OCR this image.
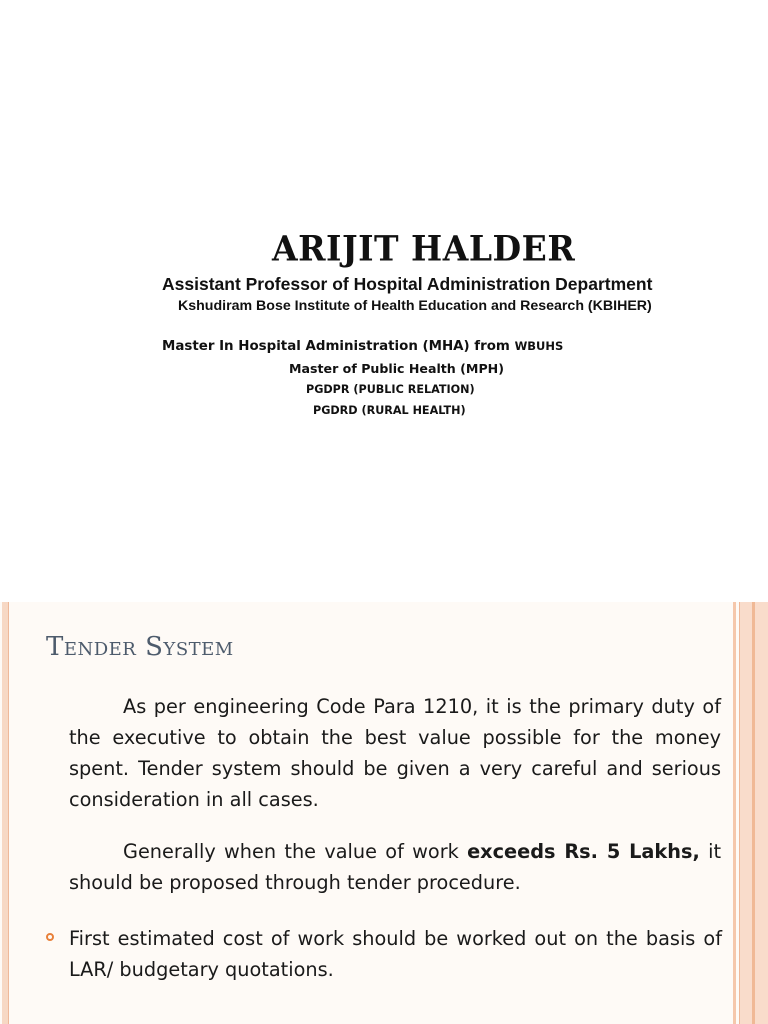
ARIJIT HALDER
Assistant Professor of Hospital Administration Department
Kshudiram Bose Institute of Health Education and Research (KBIHER)
Master In Hospital Administration (MHA) from WBUHS
Master of Public Health (MPH)
PGDPR (PUBLIC RELATION)
PGDRD (RURAL HEALTH)
Tender System
As per engineering Code Para 1210, it is the primary duty of the executive to obtain the best value possible for the money spent. Tender system should be given a very careful and serious consideration in all cases.
Generally when the value of work exceeds Rs. 5 Lakhs, it should be proposed through tender procedure.
First estimated cost of work should be worked out on the basis of LAR/ budgetary quotations.
